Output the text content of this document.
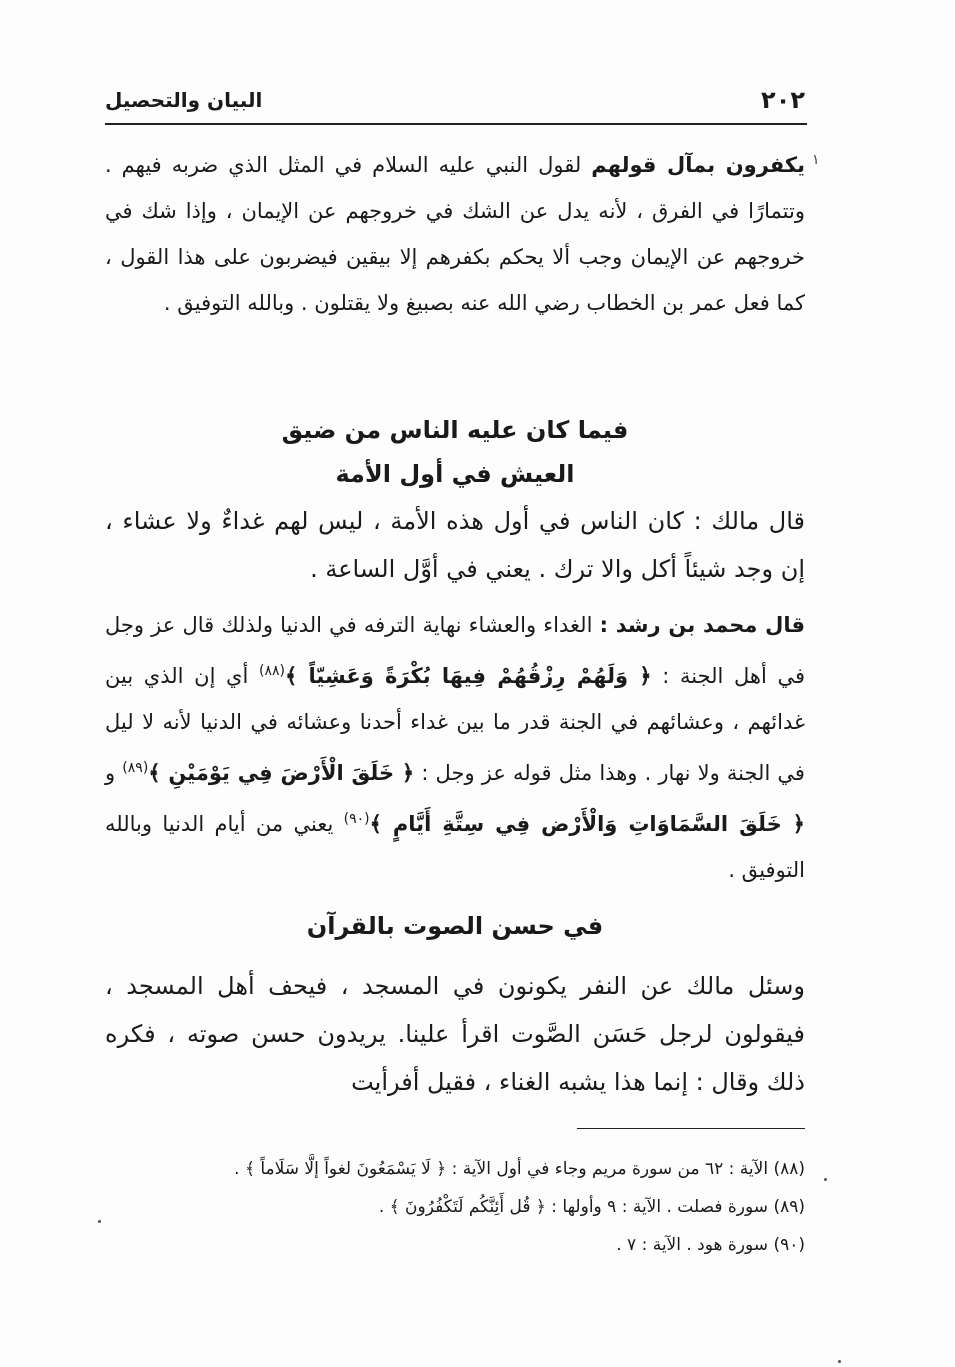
٢٠٢
البيان والتحصيل
١

يكفرون بمآل قولهم لقول النبي عليه السلام في المثل الذي ضربه فيهم . وتتمارًا في الفرق ، لأنه يدل عن الشك في خروجهم عن الإيمان ، وإذا شك في خروجهم عن الإيمان وجب ألا يحكم بكفرهم إلا بيقين فيضربون على هذا القول ، كما فعل عمر بن الخطاب رضي الله عنه بصبيغ ولا يقتلون . وبالله التوفيق .

فيما كان عليه الناس من ضيق

العيش في أول الأمة

قال مالك : كان الناس في أول هذه الأمة ، ليس لهم غداءٌ ولا عشاء ، إن وجد شيئاً أكل والا ترك . يعني في أوَّل الساعة .

قال محمد بن رشد : الغداء والعشاء نهاية الترفه في الدنيا ولذلك قال عز وجل في أهل الجنة : ﴿ وَلَهُمْ رِزْقُهُمْ فِيهَا بُكْرَةً وَعَشِيّاً ﴾$^{(٨٨)}$ أي إن الذي بين غدائهم ، وعشائهم في الجنة قدر ما بين غداء أحدنا وعشائه في الدنيا لأنه لا ليل في الجنة ولا نهار . وهذا مثل قوله عز وجل : ﴿ خَلَقَ الْأَرْضَ فِي يَوْمَيْنِ ﴾$^{(٨٩)}$ و ﴿ خَلَقَ السَّمَاوَاتِ وَالْأَرْض فِي سِتَّةِ أَيَّامٍ ﴾$^{(٩٠)}$ يعني من أيام الدنيا وبالله التوفيق .

في حسن الصوت بالقرآن

وسئل مالك عن النفر يكونون في المسجد ، فيحف أهل المسجد ، فيقولون لرجل حَسَن الصَّوت اقرأ علينا. يريدون حسن صوته ، فكره ذلك وقال : إنما هذا يشبه الغناء ، فقيل أفرأيت

(٨٨) الآية : ٦٢ من سورة مريم وجاء في أول الآية : ﴿ لَا يَسْمَعُونَ لغواً إلَّا سَلَاماً ﴾ .

(٨٩) سورة فصلت . الآية : ٩ وأولها : ﴿ قُل أَئِنَّكُم لَتَكْفُرُونَ ﴾ .

(٩٠) سورة هود . الآية : ٧ .
